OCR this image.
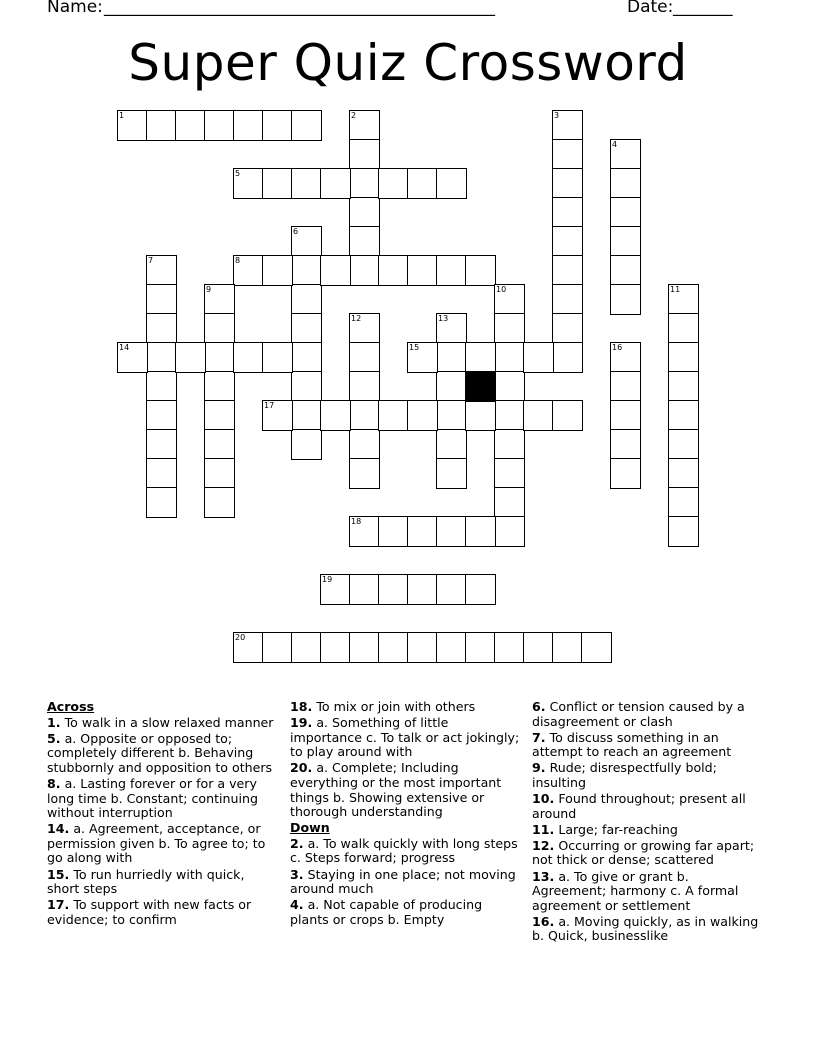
Name: ______________________________________________	Date: _______
Super Quiz Crossword
1	2	3
4
5
6
7	8
9	10	11
12	13
14	15	16
17
18
19
20
Across
1. To walk in a slow relaxed manner
5. a. Opposite or opposed to; completely different b. Behaving stubbornly and opposition to others
8. a. Lasting forever or for a very long time b. Constant; continuing without interruption
14. a. Agreement, acceptance, or permission given b. To agree to; to go along with
15. To run hurriedly with quick, short steps
17. To support with new facts or evidence; to confirm
18. To mix or join with others
19. a. Something of little importance c. To talk or act jokingly; to play around with
20. a. Complete; Including everything or the most important things b. Showing extensive or thorough understanding
Down
2. a. To walk quickly with long steps c. Steps forward; progress
3. Staying in one place; not moving around much
4. a. Not capable of producing plants or crops b. Empty
6. Conflict or tension caused by a disagreement or clash
7. To discuss something in an attempt to reach an agreement
9. Rude; disrespectfully bold; insulting
10. Found throughout; present all around
11. Large; far-reaching
12. Occurring or growing far apart; not thick or dense; scattered
13. a. To give or grant b. Agreement; harmony c. A formal agreement or settlement
16. a. Moving quickly, as in walking b. Quick, businesslike
